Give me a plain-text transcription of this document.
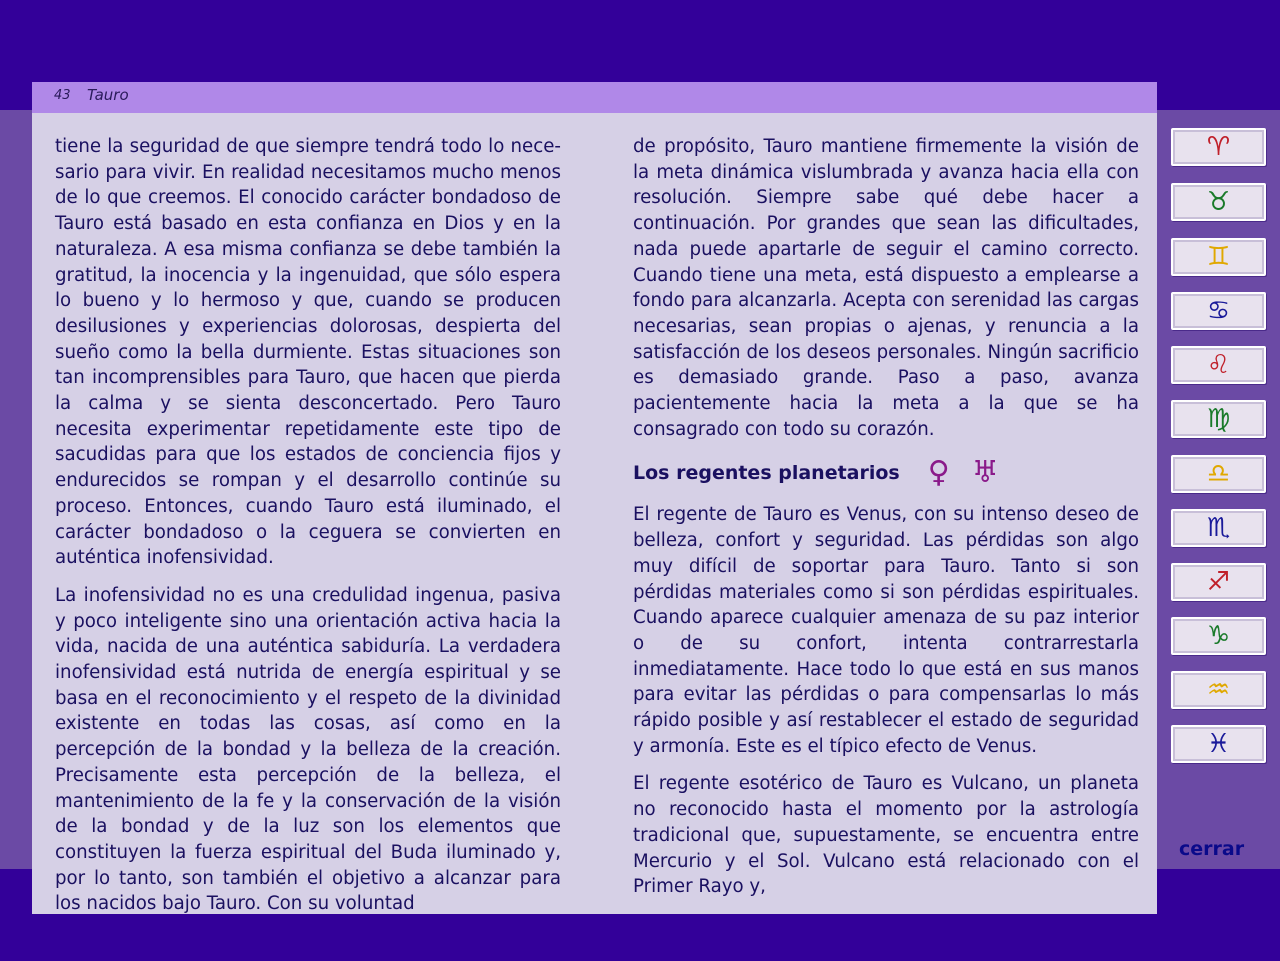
43 Tauro

tiene la seguridad de que siempre tendrá todo lo necesario para vivir. En realidad necesitamos mucho menos de lo que creemos. El conocido carácter bondadoso de Tauro está basado en esta confianza en Dios y en la naturaleza. A esa misma confianza se debe también la gratitud, la inocencia y la ingenuidad, que sólo espera lo bueno y lo hermoso y que, cuando se producen desilusiones y experiencias dolorosas, despierta del sueño como la bella durmiente. Estas situaciones son tan incomprensibles para Tauro, que hacen que pierda la calma y se sienta desconcertado. Pero Tauro necesita experimentar repetidamente este tipo de sacudidas para que los estados de conciencia fijos y endurecidos se rompan y el desarrollo continúe su proceso. Entonces, cuando Tauro está iluminado, el carácter bondadoso o la ceguera se convierten en auténtica inofensividad.

La inofensividad no es una credulidad ingenua, pasiva y poco inteligente sino una orientación activa hacia la vida, nacida de una auténtica sabiduría. La verdadera inofensividad está nutrida de energía espiritual y se basa en el reconocimiento y el respeto de la divinidad existente en todas las cosas, así como en la percepción de la bondad y la belleza de la creación. Precisamente esta percepción de la belleza, el mantenimiento de la fe y la conservación de la visión de la bondad y de la luz son los elementos que constituyen la fuerza espiritual del Buda iluminado y, por lo tanto, son también el objetivo a alcanzar para los nacidos bajo Tauro. Con su voluntad

de propósito, Tauro mantiene firmemente la visión de la meta dinámica vislumbrada y avanza hacia ella con resolución. Siempre sabe qué debe hacer a continuación. Por grandes que sean las dificultades, nada puede apartarle de seguir el camino correcto. Cuando tiene una meta, está dispuesto a emplearse a fondo para alcanzarla. Acepta con serenidad las cargas necesarias, sean propias o ajenas, y renuncia a la satisfacción de los deseos personales. Ningún sacrificio es demasiado grande. Paso a paso, avanza pacientemente hacia la meta a la que se ha consagrado con todo su corazón.

Los regentes planetarios ♀ ♅

El regente de Tauro es Venus, con su intenso deseo de belleza, confort y seguridad. Las pérdidas son algo muy difícil de soportar para Tauro. Tanto si son pérdidas materiales como si son pérdidas espirituales. Cuando aparece cualquier amenaza de su paz interior o de su confort, intenta contrarrestarla inmediatamente. Hace todo lo que está en sus manos para evitar las pérdidas o para compensarlas lo más rápido posible y así restablecer el estado de seguridad y armonía. Este es el típico efecto de Venus.

El regente esotérico de Tauro es Vulcano, un planeta no reconocido hasta el momento por la astrología tradicional que, supuestamente, se encuentra entre Mercurio y el Sol. Vulcano está relacionado con el Primer Rayo y,

♈
♉
♊
♋
♌
♍
♎
♏
♐
♑
♒
♓
cerrar
